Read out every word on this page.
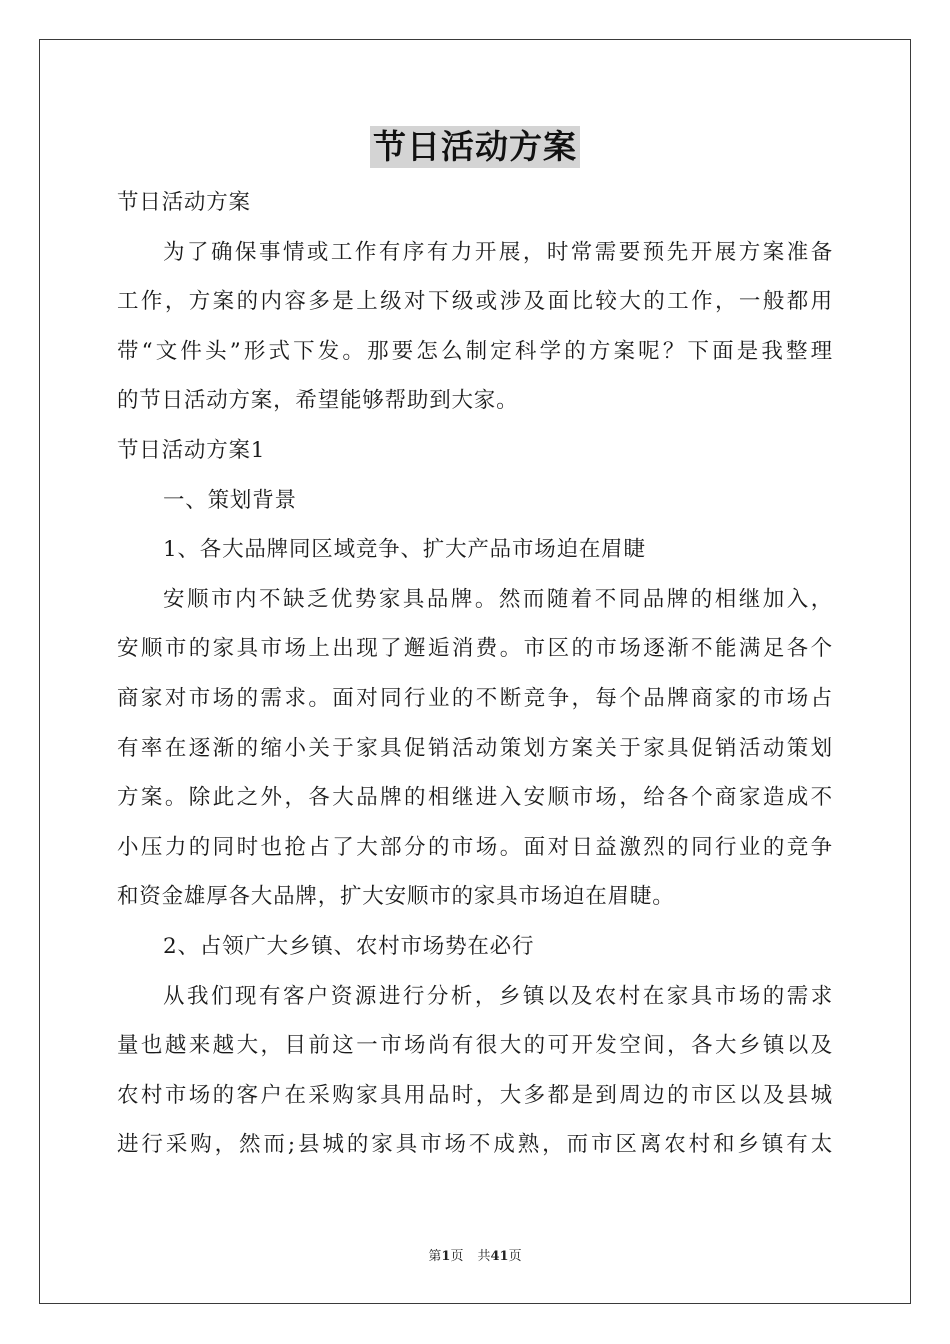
节日活动方案
节日活动方案
为了确保事情或工作有序有力开展，时常需要预先开展方案准备
工作，方案的内容多是上级对下级或涉及面比较大的工作，一般都用
带“文件头”形式下发。那要怎么制定科学的方案呢？下面是我整理
的节日活动方案，希望能够帮助到大家。
节日活动方案1
一、策划背景
1、各大品牌同区域竞争、扩大产品市场迫在眉睫
安顺市内不缺乏优势家具品牌。然而随着不同品牌的相继加入，
安顺市的家具市场上出现了邂逅消费。市区的市场逐渐不能满足各个
商家对市场的需求。面对同行业的不断竞争，每个品牌商家的市场占
有率在逐渐的缩小关于家具促销活动策划方案关于家具促销活动策划
方案。除此之外，各大品牌的相继进入安顺市场，给各个商家造成不
小压力的同时也抢占了大部分的市场。面对日益激烈的同行业的竞争
和资金雄厚各大品牌，扩大安顺市的家具市场迫在眉睫。
2、占领广大乡镇、农村市场势在必行
从我们现有客户资源进行分析，乡镇以及农村在家具市场的需求
量也越来越大，目前这一市场尚有很大的可开发空间，各大乡镇以及
农村市场的客户在采购家具用品时，大多都是到周边的市区以及县城
进行采购，然而;县城的家具市场不成熟，而市区离农村和乡镇有太
第1页 共41页
